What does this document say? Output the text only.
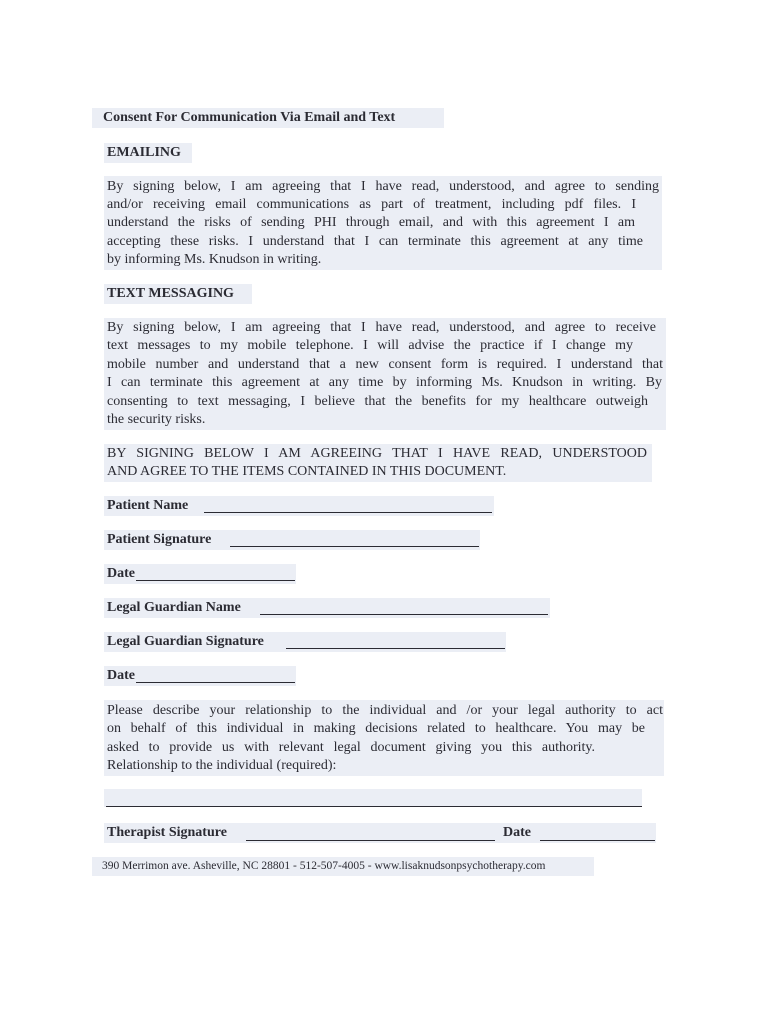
Consent For Communication Via Email and Text
EMAILING
By signing below, I am agreeing that I have read, understood, and agree to sending
and/or receiving email communications as part of treatment, including pdf files. I
understand the risks of sending PHI through email, and with this agreement I am
accepting these risks. I understand that I can terminate this agreement at any time
by informing Ms. Knudson in writing.
TEXT MESSAGING
By signing below, I am agreeing that I have read, understood, and agree to receive
text messages to my mobile telephone. I will advise the practice if I change my
mobile number and understand that a new consent form is required. I understand that
I can terminate this agreement at any time by informing Ms. Knudson in writing. By
consenting to text messaging, I believe that the benefits for my healthcare outweigh
the security risks.
BY SIGNING BELOW I AM AGREEING THAT I HAVE READ, UNDERSTOOD
AND AGREE TO THE ITEMS CONTAINED IN THIS DOCUMENT.
Patient Name
Patient Signature
Date
Legal Guardian Name
Legal Guardian Signature
Date
Please describe your relationship to the individual and /or your legal authority to act
on behalf of this individual in making decisions related to healthcare. You may be
asked to provide us with relevant legal document giving you this authority.
Relationship to the individual (required):
Therapist Signature	Date
390 Merrimon ave. Asheville, NC 28801 - 512-507-4005 - www.lisaknudsonpsychotherapy.com
